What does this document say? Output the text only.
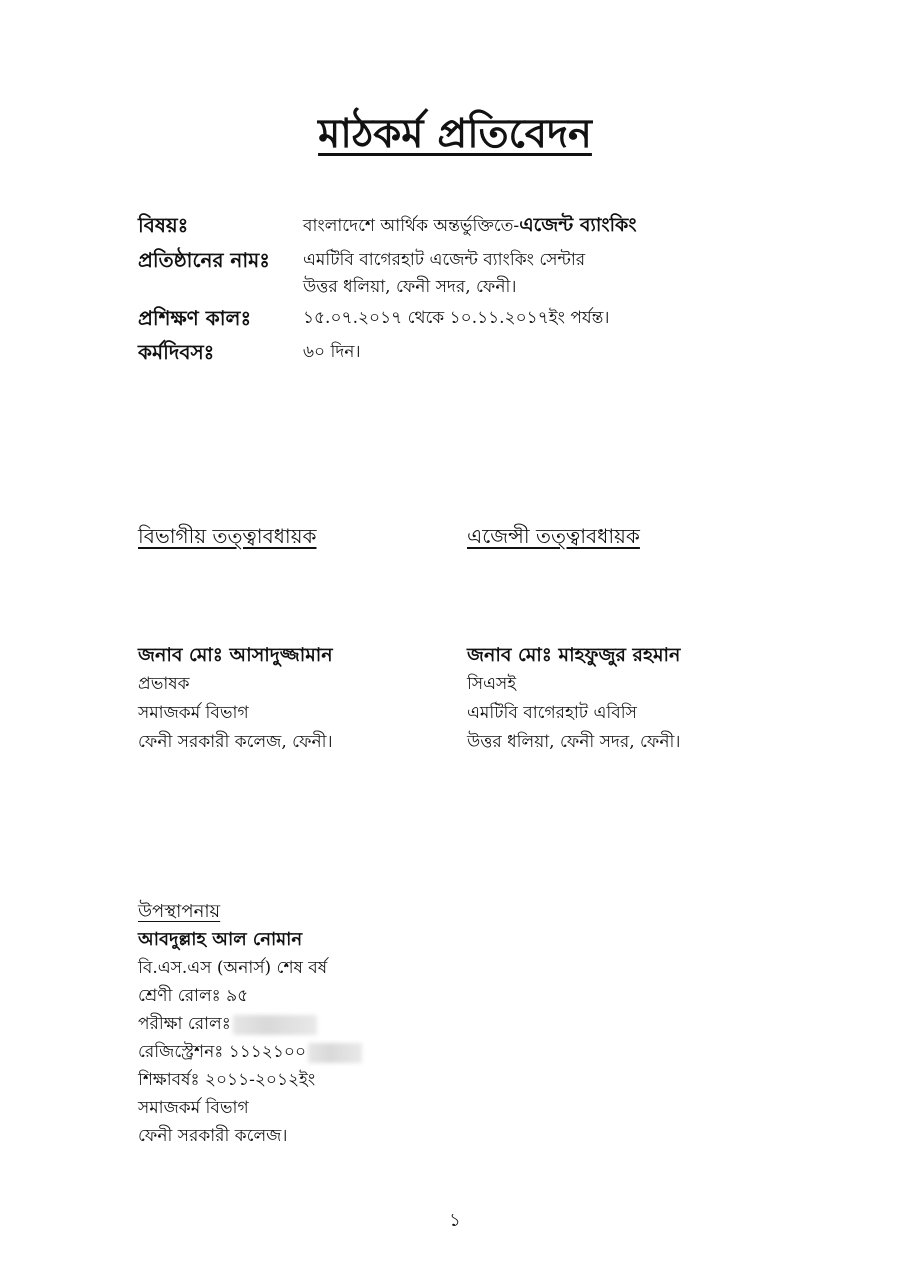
মাঠকর্ম প্রতিবেদন
বিষয়ঃ	বাংলাদেশে আর্থিক অন্তর্ভুক্তিতে-এজেন্ট ব্যাংকিং
প্রতিষ্ঠানের নামঃ	এমটিবি বাগেরহাট এজেন্ট ব্যাংকিং সেন্টার
উত্তর ধলিয়া, ফেনী সদর, ফেনী।
প্রশিক্ষণ কালঃ	১৫.০৭.২০১৭ থেকে ১০.১১.২০১৭ইং পর্যন্ত।
কর্মদিবসঃ	৬০ দিন।
বিভাগীয় তত্ত্বাবধায়ক
জনাব মোঃ আসাদুজ্জামান
প্রভাষক
সমাজকর্ম বিভাগ
ফেনী সরকারী কলেজ, ফেনী।
এজেন্সী তত্ত্বাবধায়ক
জনাব মোঃ মাহফুজুর রহমান
সিএসই
এমটিবি বাগেরহাট এবিসি
উত্তর ধলিয়া, ফেনী সদর, ফেনী।
উপস্থাপনায়
আবদুল্লাহ আল নোমান
বি.এস.এস (অনার্স) শেষ বর্ষ
শ্রেণী রোলঃ ৯৫
পরীক্ষা রোলঃ
রেজিস্ট্রেশনঃ ১১১২১০০
শিক্ষাবর্ষঃ ২০১১-২০১২ইং
সমাজকর্ম বিভাগ
ফেনী সরকারী কলেজ।
১
